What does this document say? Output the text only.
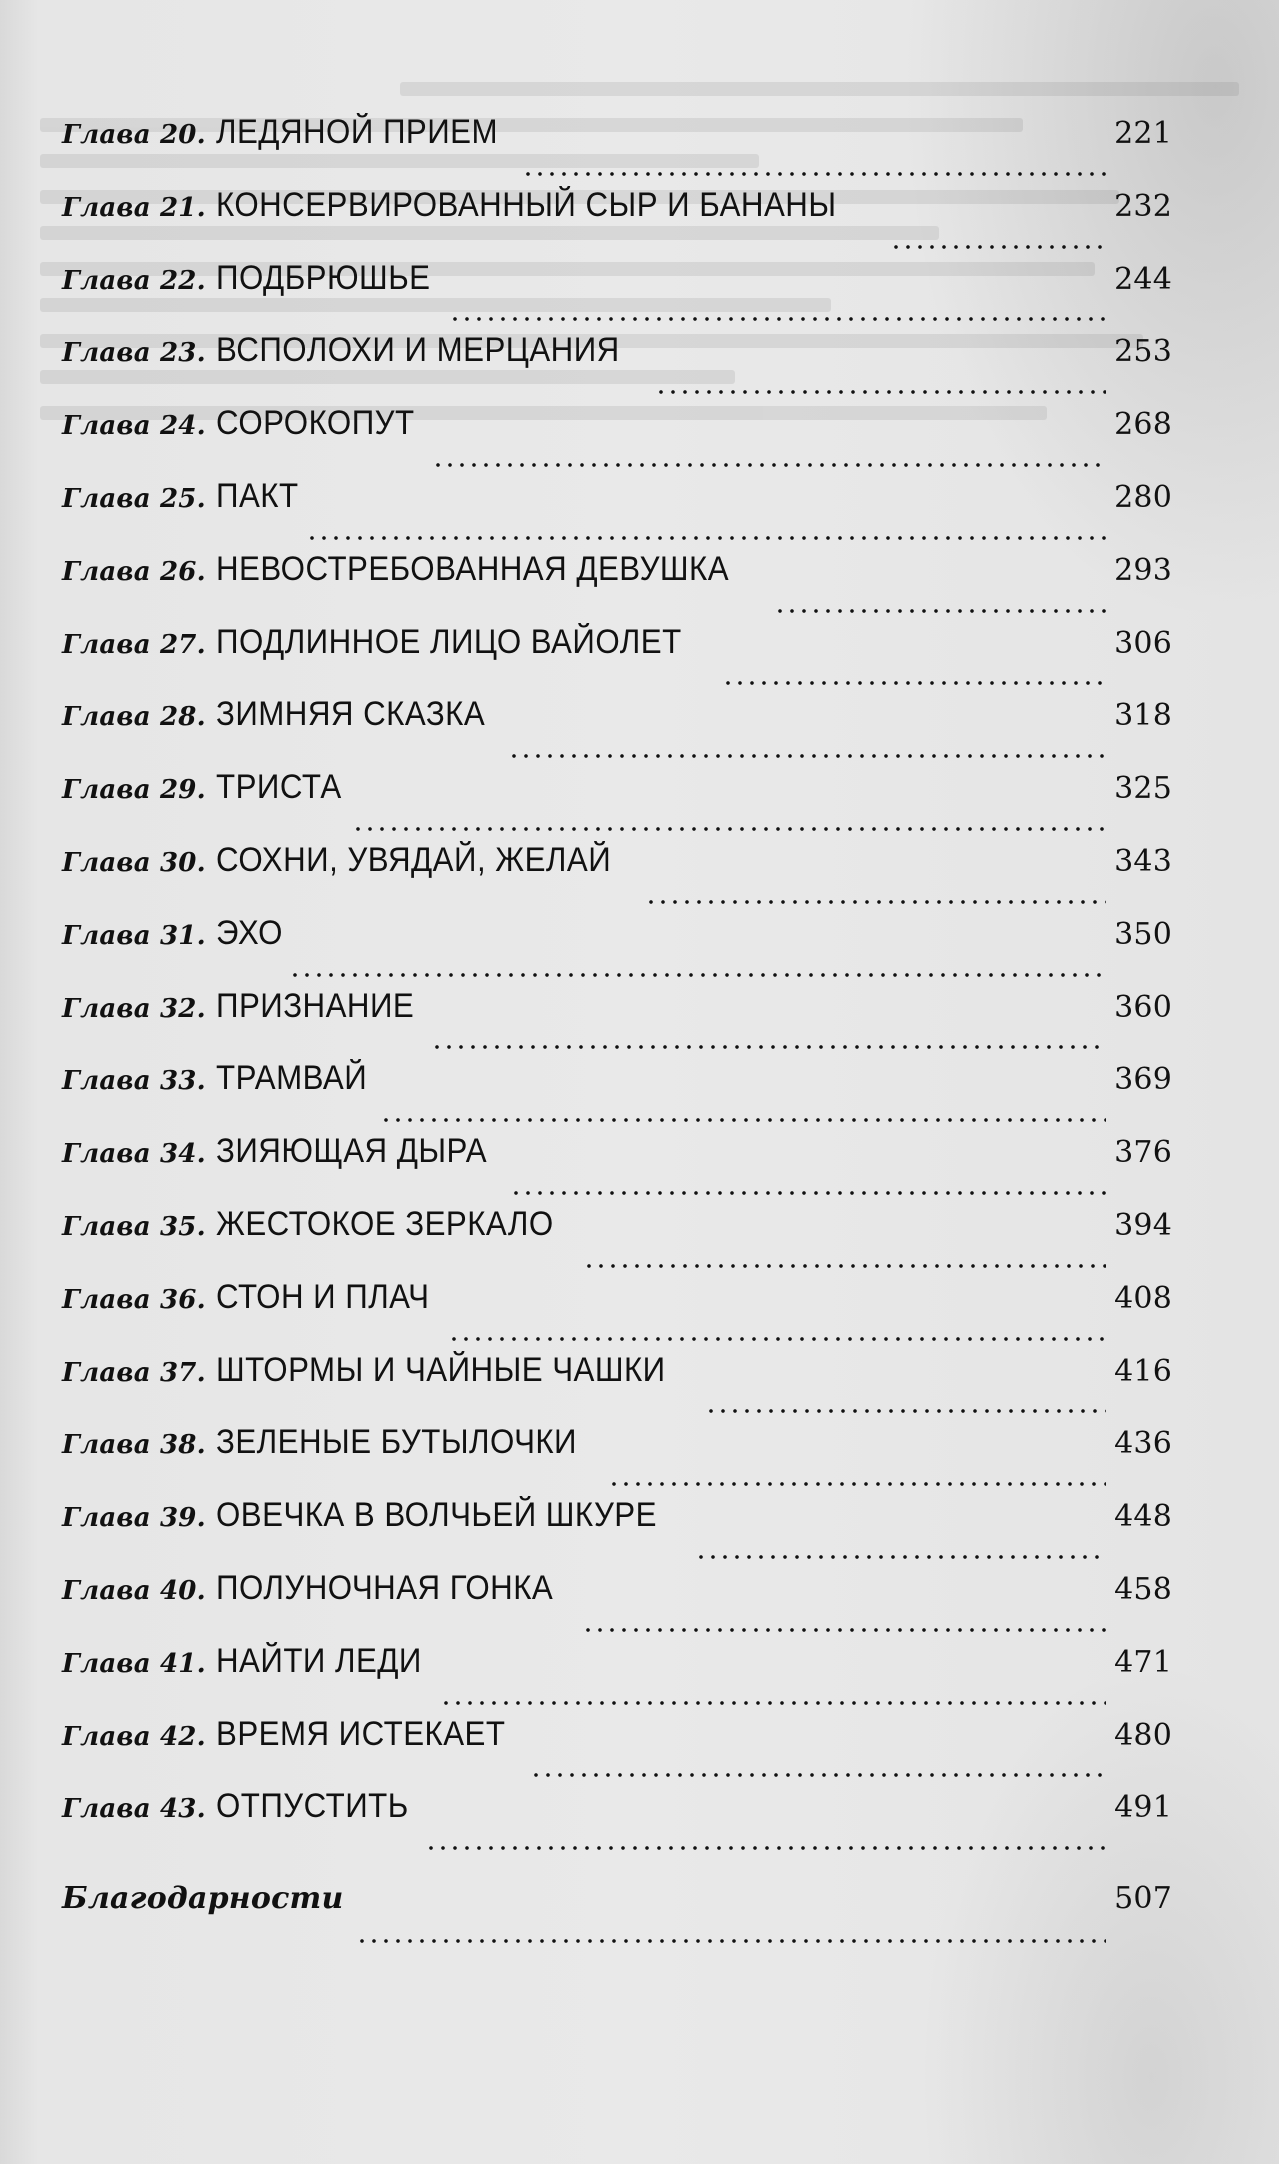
Глава 20. ЛЕДЯНОЙ ПРИЕМ	221
Глава 21. КОНСЕРВИРОВАННЫЙ СЫР И БАНАНЫ	232
Глава 22. ПОДБРЮШЬЕ	244
Глава 23. ВСПОЛОХИ И МЕРЦАНИЯ	253
Глава 24. СОРОКОПУТ	268
Глава 25. ПАКТ	280
Глава 26. НЕВОСТРЕБОВАННАЯ ДЕВУШКА	293
Глава 27. ПОДЛИННОЕ ЛИЦО ВАЙОЛЕТ	306
Глава 28. ЗИМНЯЯ СКАЗКА	318
Глава 29. ТРИСТА	325
Глава 30. СОХНИ, УВЯДАЙ, ЖЕЛАЙ	343
Глава 31. ЭХО	350
Глава 32. ПРИЗНАНИЕ	360
Глава 33. ТРАМВАЙ	369
Глава 34. ЗИЯЮЩАЯ ДЫРА	376
Глава 35. ЖЕСТОКОЕ ЗЕРКАЛО	394
Глава 36. СТОН И ПЛАЧ	408
Глава 37. ШТОРМЫ И ЧАЙНЫЕ ЧАШКИ	416
Глава 38. ЗЕЛЕНЫЕ БУТЫЛОЧКИ	436
Глава 39. ОВЕЧКА В ВОЛЧЬЕЙ ШКУРЕ	448
Глава 40. ПОЛУНОЧНАЯ ГОНКА	458
Глава 41. НАЙТИ ЛЕДИ	471
Глава 42. ВРЕМЯ ИСТЕКАЕТ	480
Глава 43. ОТПУСТИТЬ	491
Благодарности	507
